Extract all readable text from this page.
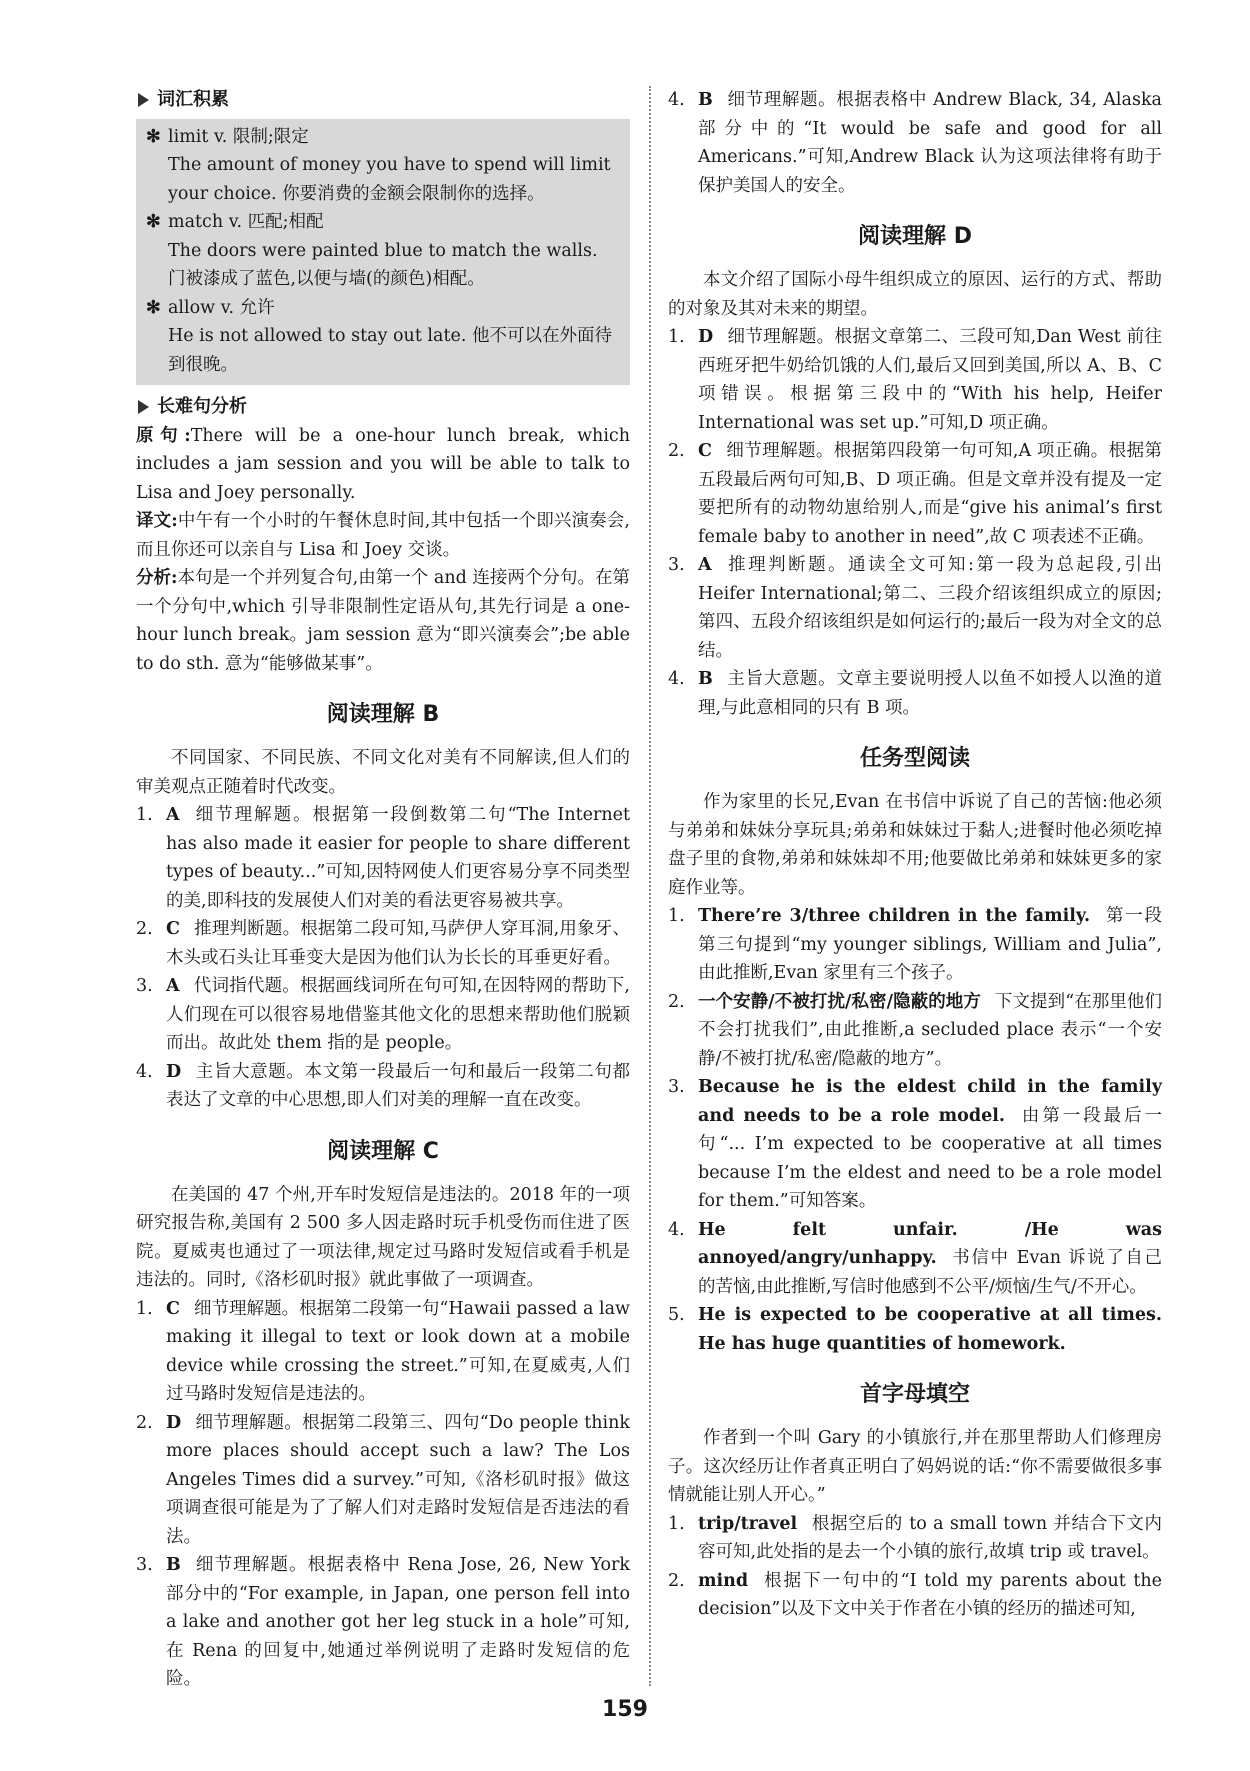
词汇积累
✻ limit v. 限制;限定
The amount of money you have to spend will limit your choice. 你要消费的金额会限制你的选择。
✻ match v. 匹配;相配
The doors were painted blue to match the walls. 门被漆成了蓝色,以便与墙(的颜色)相配。
✻ allow v. 允许
He is not allowed to stay out late. 他不可以在外面待到很晚。
长难句分析
原句:There will be a one-hour lunch break, which includes a jam session and you will be able to talk to Lisa and Joey personally.
译文:中午有一个小时的午餐休息时间,其中包括一个即兴演奏会,而且你还可以亲自与 Lisa 和 Joey 交谈。
分析:本句是一个并列复合句,由第一个 and 连接两个分句。在第一个分句中,which 引导非限制性定语从句,其先行词是 a one-hour lunch break。jam session 意为“即兴演奏会”;be able to do sth. 意为“能够做某事”。
阅读理解 B
不同国家、不同民族、不同文化对美有不同解读,但人们的审美观点正随着时代改变。
1. A 细节理解题。根据第一段倒数第二句“The Internet has also made it easier for people to share different types of beauty...”可知,因特网使人们更容易分享不同类型的美,即科技的发展使人们对美的看法更容易被共享。
2. C 推理判断题。根据第二段可知,马萨伊人穿耳洞,用象牙、木头或石头让耳垂变大是因为他们认为长长的耳垂更好看。
3. A 代词指代题。根据画线词所在句可知,在因特网的帮助下,人们现在可以很容易地借鉴其他文化的思想来帮助他们脱颖而出。故此处 them 指的是 people。
4. D 主旨大意题。本文第一段最后一句和最后一段第二句都表达了文章的中心思想,即人们对美的理解一直在改变。
阅读理解 C
在美国的 47 个州,开车时发短信是违法的。2018 年的一项研究报告称,美国有 2 500 多人因走路时玩手机受伤而住进了医院。夏威夷也通过了一项法律,规定过马路时发短信或看手机是违法的。同时,《洛杉矶时报》就此事做了一项调查。
1. C 细节理解题。根据第二段第一句“Hawaii passed a law making it illegal to text or look down at a mobile device while crossing the street.”可知,在夏威夷,人们过马路时发短信是违法的。
2. D 细节理解题。根据第二段第三、四句“Do people think more places should accept such a law? The Los Angeles Times did a survey.”可知,《洛杉矶时报》做这项调查很可能是为了了解人们对走路时发短信是否违法的看法。
3. B 细节理解题。根据表格中 Rena Jose, 26, New York 部分中的“For example, in Japan, one person fell into a lake and another got her leg stuck in a hole”可知,在 Rena 的回复中,她通过举例说明了走路时发短信的危险。
4. B 细节理解题。根据表格中 Andrew Black, 34, Alaska 部分中的“It would be safe and good for all Americans.”可知,Andrew Black 认为这项法律将有助于保护美国人的安全。
阅读理解 D
本文介绍了国际小母牛组织成立的原因、运行的方式、帮助的对象及其对未来的期望。
1. D 细节理解题。根据文章第二、三段可知,Dan West 前往西班牙把牛奶给饥饿的人们,最后又回到美国,所以 A、B、C 项错误。根据第三段中的“With his help, Heifer International was set up.”可知,D 项正确。
2. C 细节理解题。根据第四段第一句可知,A 项正确。根据第五段最后两句可知,B、D 项正确。但是文章并没有提及一定要把所有的动物幼崽给别人,而是“give his animal’s first female baby to another in need”,故 C 项表述不正确。
3. A 推理判断题。通读全文可知:第一段为总起段,引出 Heifer International;第二、三段介绍该组织成立的原因;第四、五段介绍该组织是如何运行的;最后一段为对全文的总结。
4. B 主旨大意题。文章主要说明授人以鱼不如授人以渔的道理,与此意相同的只有 B 项。
任务型阅读
作为家里的长兄,Evan 在书信中诉说了自己的苦恼:他必须与弟弟和妹妹分享玩具;弟弟和妹妹过于黏人;进餐时他必须吃掉盘子里的食物,弟弟和妹妹却不用;他要做比弟弟和妹妹更多的家庭作业等。
1. There’re 3/three children in the family. 第一段第三句提到“my younger siblings, William and Julia”,由此推断,Evan 家里有三个孩子。
2. 一个安静/不被打扰/私密/隐蔽的地方 下文提到“在那里他们不会打扰我们”,由此推断,a secluded place 表示“一个安静/不被打扰/私密/隐蔽的地方”。
3. Because he is the eldest child in the family and needs to be a role model. 由第一段最后一句“... I’m expected to be cooperative at all times because I’m the eldest and need to be a role model for them.”可知答案。
4. He felt unfair. /He was annoyed/angry/unhappy. 书信中 Evan 诉说了自己的苦恼,由此推断,写信时他感到不公平/烦恼/生气/不开心。
5. He is expected to be cooperative at all times. He has huge quantities of homework.
首字母填空
作者到一个叫 Gary 的小镇旅行,并在那里帮助人们修理房子。这次经历让作者真正明白了妈妈说的话:“你不需要做很多事情就能让别人开心。”
1. trip/travel 根据空后的 to a small town 并结合下文内容可知,此处指的是去一个小镇的旅行,故填 trip 或 travel。
2. mind 根据下一句中的“I told my parents about the decision”以及下文中关于作者在小镇的经历的描述可知,
159
